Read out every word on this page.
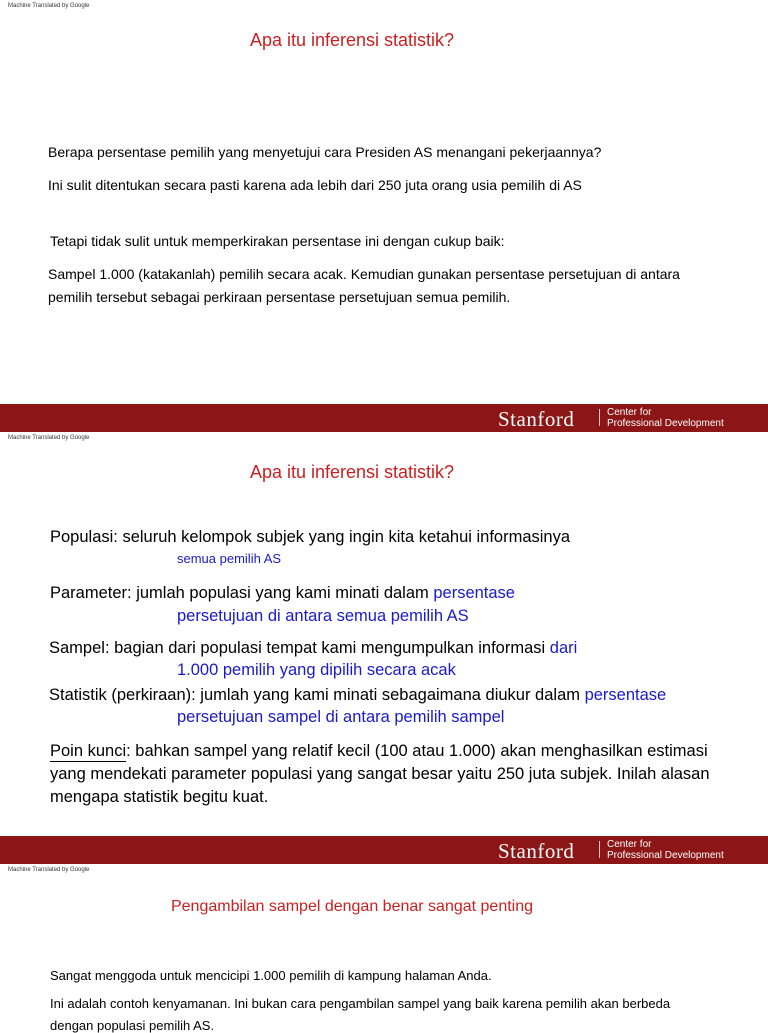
Machine Translated by Google
Apa itu inferensi statistik?
Berapa persentase pemilih yang menyetujui cara Presiden AS menangani pekerjaannya?
Ini sulit ditentukan secara pasti karena ada lebih dari 250 juta orang usia pemilih di AS
Tetapi tidak sulit untuk memperkirakan persentase ini dengan cukup baik:
Sampel 1.000 (katakanlah) pemilih secara acak. Kemudian gunakan persentase persetujuan di antara
pemilih tersebut sebagai perkiraan persentase persetujuan semua pemilih.
Stanford	Center for
Professional Development
Machine Translated by Google
Apa itu inferensi statistik?
Populasi: seluruh kelompok subjek yang ingin kita ketahui informasinya
semua pemilih AS
Parameter: jumlah populasi yang kami minati dalam persentase
persetujuan di antara semua pemilih AS
Sampel: bagian dari populasi tempat kami mengumpulkan informasi dari
1.000 pemilih yang dipilih secara acak
Statistik (perkiraan): jumlah yang kami minati sebagaimana diukur dalam persentase
persetujuan sampel di antara pemilih sampel
Poin kunci: bahkan sampel yang relatif kecil (100 atau 1.000) akan menghasilkan estimasi
yang mendekati parameter populasi yang sangat besar yaitu 250 juta subjek. Inilah alasan
mengapa statistik begitu kuat.
Stanford	Center for
Professional Development
Machine Translated by Google
Pengambilan sampel dengan benar sangat penting
Sangat menggoda untuk mencicipi 1.000 pemilih di kampung halaman Anda.
Ini adalah contoh kenyamanan. Ini bukan cara pengambilan sampel yang baik karena pemilih akan berbeda
dengan populasi pemilih AS.
